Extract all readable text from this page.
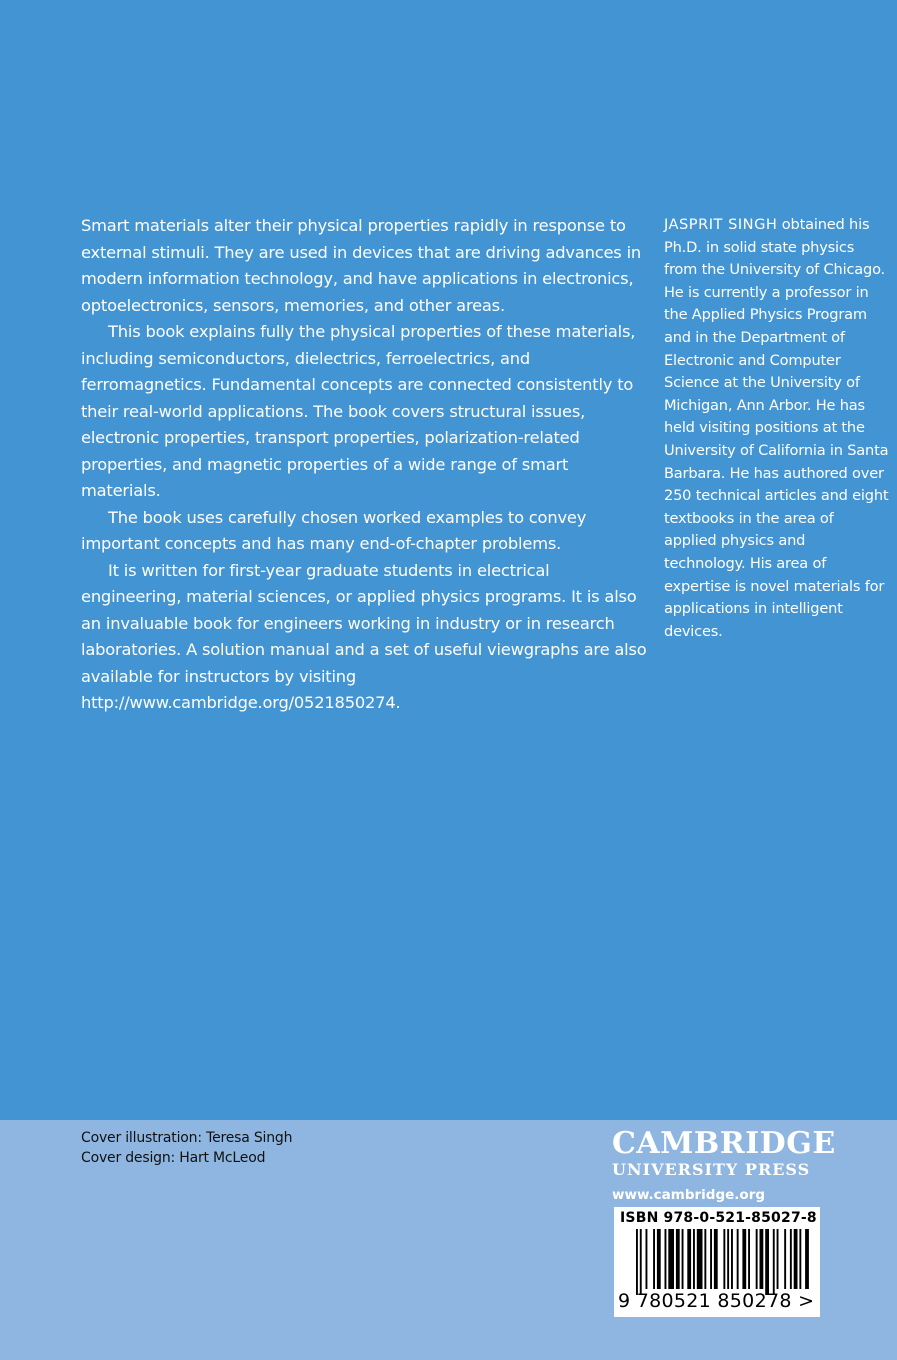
Smart materials alter their physical properties rapidly in response to external stimuli. They are used in devices that are driving advances in modern information technology, and have applications in electronics, optoelectronics, sensors, memories, and other areas.

This book explains fully the physical properties of these materials, including semiconductors, dielectrics, ferroelectrics, and ferromagnetics. Fundamental concepts are connected consistently to their real-world applications. The book covers structural issues, electronic properties, transport properties, polarization-related properties, and magnetic properties of a wide range of smart materials.

The book uses carefully chosen worked examples to convey important concepts and has many end-of-chapter problems.

It is written for first-year graduate students in electrical engineering, material sciences, or applied physics programs. It is also an invaluable book for engineers working in industry or in research laboratories. A solution manual and a set of useful viewgraphs are also available for instructors by visiting http://www.cambridge.org/0521850274.

JASPRIT SINGH obtained his Ph.D. in solid state physics from the University of Chicago. He is currently a professor in the Applied Physics Program and in the Department of Electronic and Computer Science at the University of Michigan, Ann Arbor. He has held visiting positions at the University of California in Santa Barbara. He has authored over 250 technical articles and eight textbooks in the area of applied physics and technology. His area of expertise is novel materials for applications in intelligent devices.
Cover illustration: Teresa Singh
Cover design: Hart McLeod	CAMBRIDGE
UNIVERSITY PRESS
www.cambridge.org
ISBN 978-0-521-85027-8
9 780521 850278 >
